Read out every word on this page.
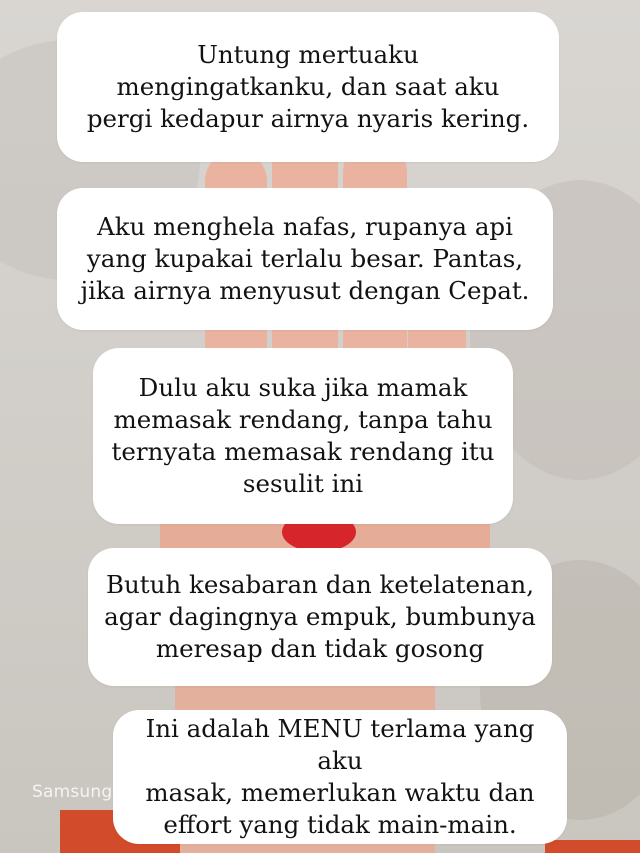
Samsung

Untung mertuaku
mengingatkanku, dan saat aku
pergi kedapur airnya nyaris kering.

Aku menghela nafas, rupanya api
yang kupakai terlalu besar. Pantas,
jika airnya menyusut dengan Cepat.

Dulu aku suka jika mamak
memasak rendang, tanpa tahu
ternyata memasak rendang itu
sesulit ini

Butuh kesabaran dan ketelatenan,
agar dagingnya empuk, bumbunya
meresap dan tidak gosong

Ini adalah MENU terlama yang aku
masak, memerlukan waktu dan
effort yang tidak main-main.
